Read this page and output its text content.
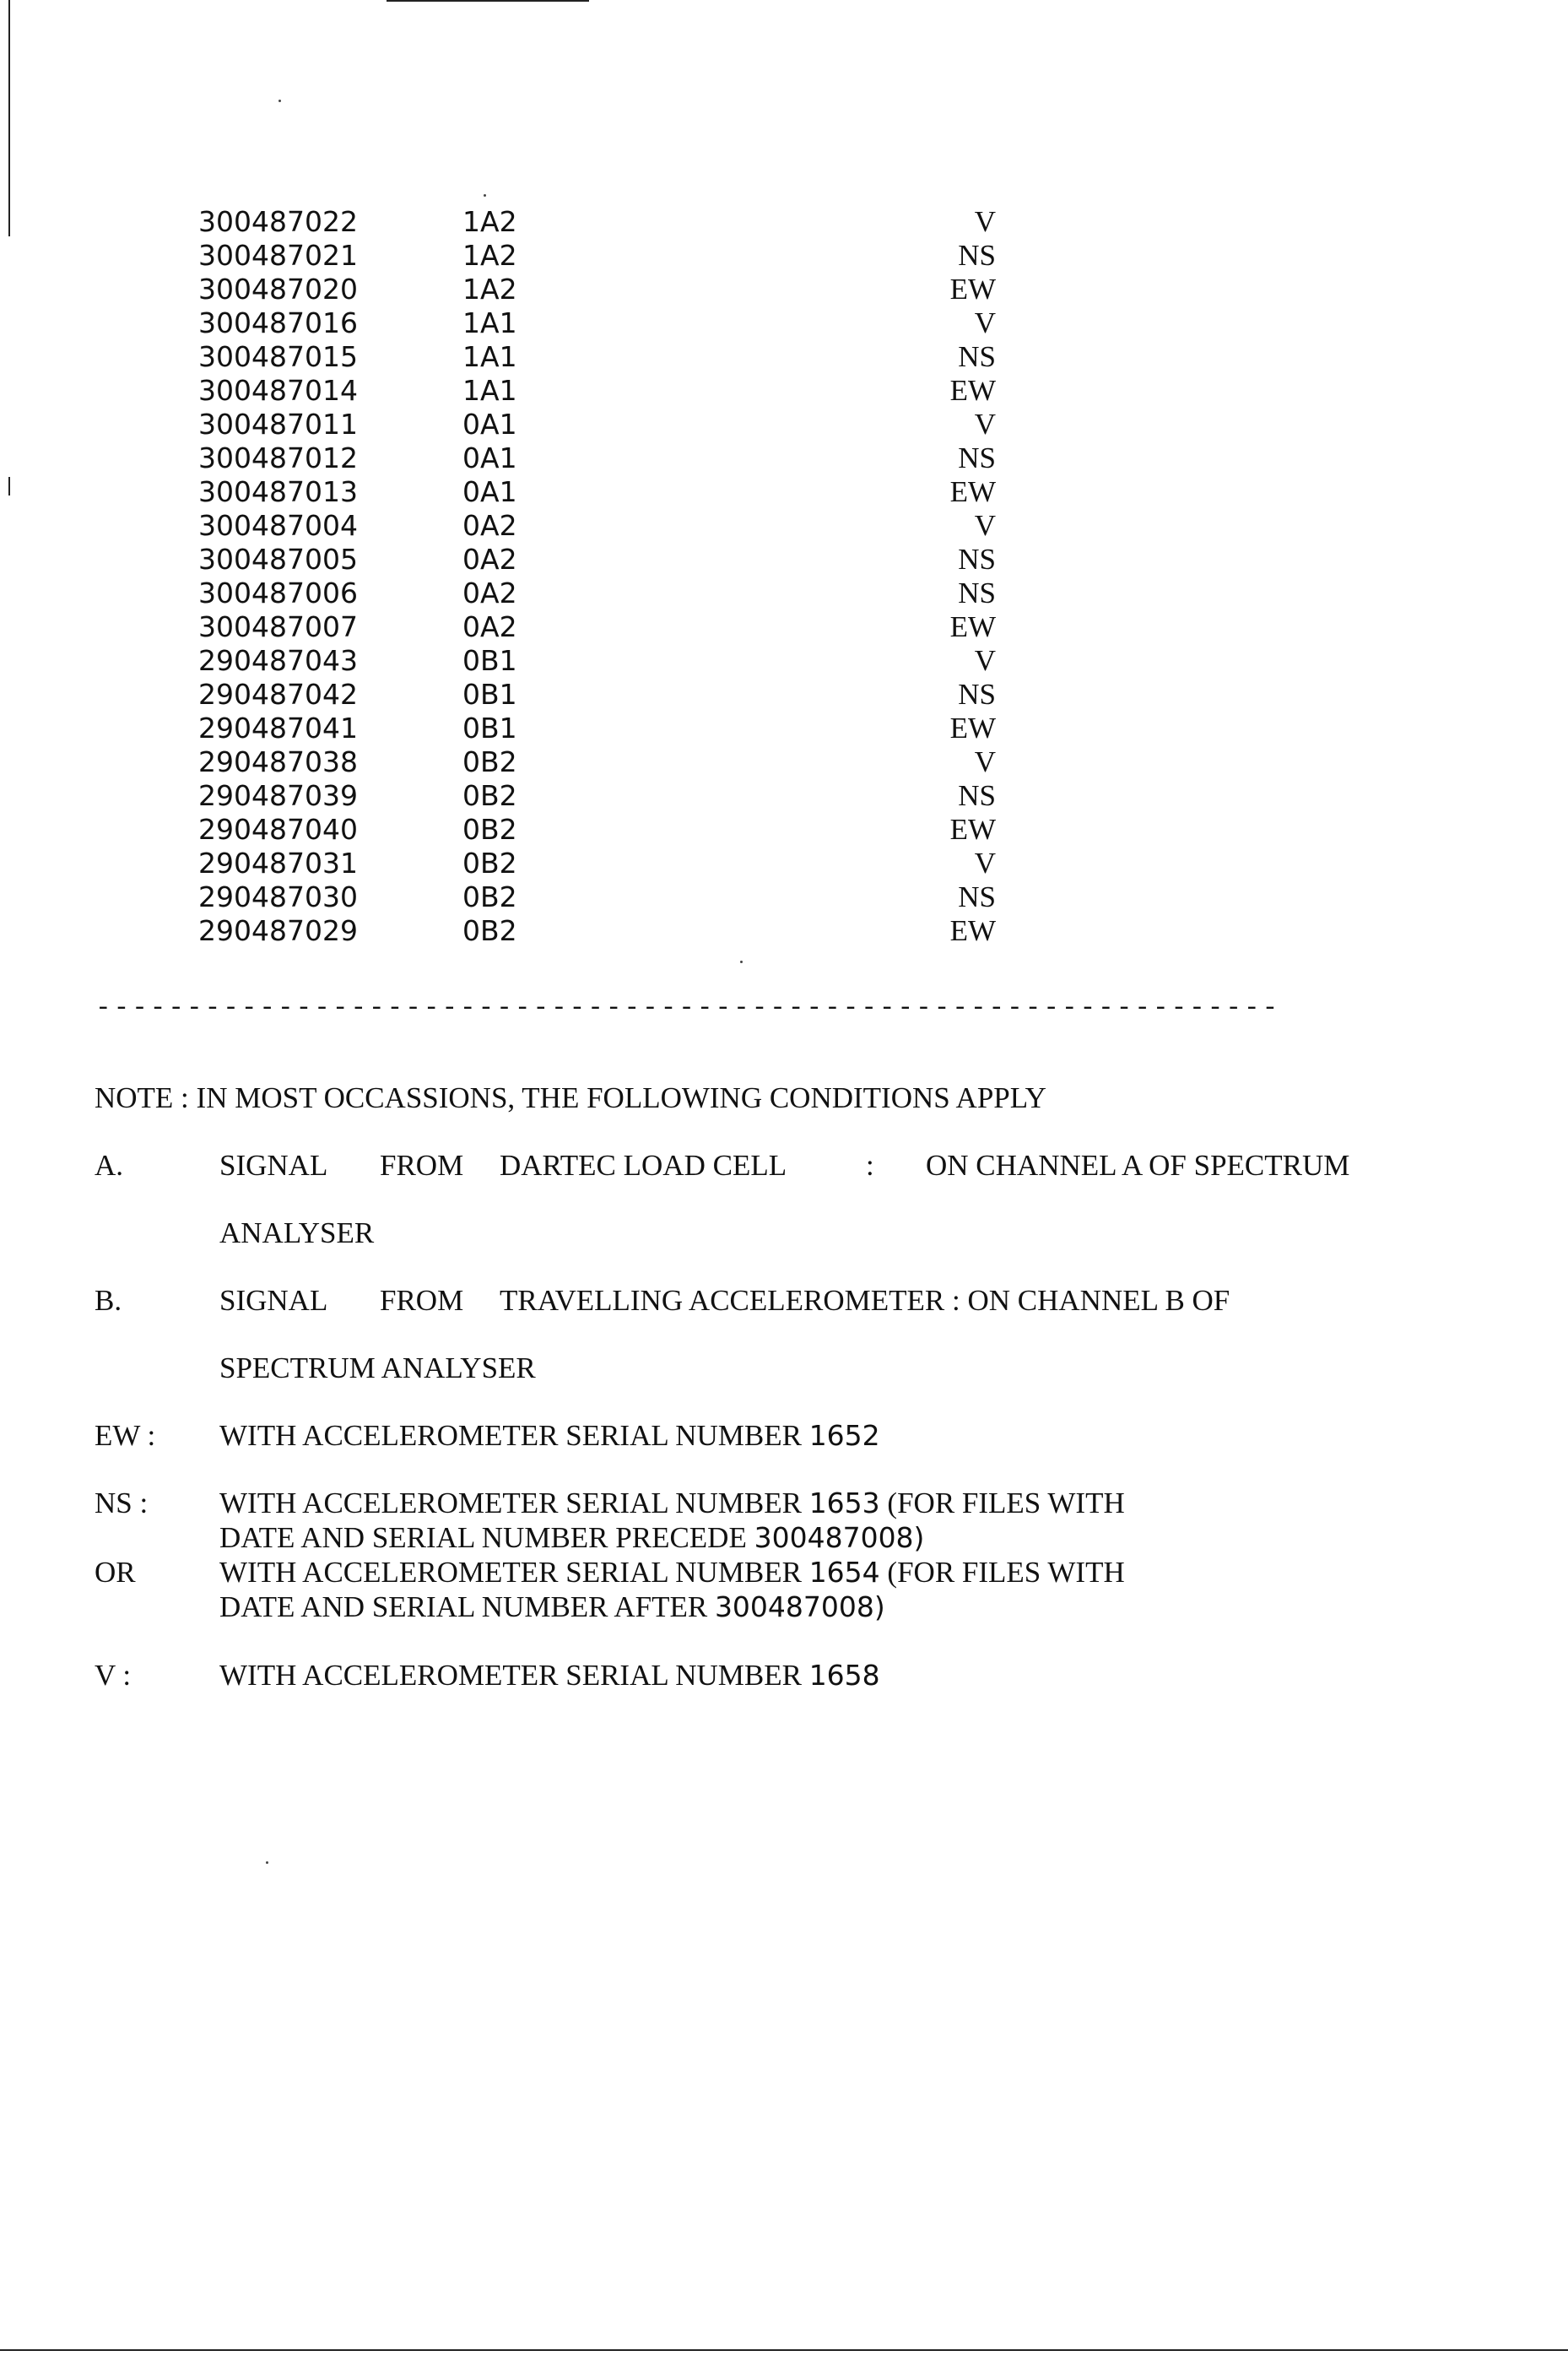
300487022	1A2	V
300487021	1A2	NS
300487020	1A2	EW
300487016	1A1	V
300487015	1A1	NS
300487014	1A1	EW
300487011	0A1	V
300487012	0A1	NS
300487013	0A1	EW
300487004	0A2	V
300487005	0A2	NS
300487006	0A2	NS
300487007	0A2	EW
290487043	0B1	V
290487042	0B1	NS
290487041	0B1	EW
290487038	0B2	V
290487039	0B2	NS
290487040	0B2	EW
290487031	0B2	V
290487030	0B2	NS
290487029	0B2	EW
-----------------------------------------------------------------
NOTE : IN MOST OCCASSIONS, THE FOLLOWING CONDITIONS APPLY
A.	SIGNAL FROM DARTEC LOAD CELL	: ON CHANNEL A OF SPECTRUM
ANALYSER
B.	SIGNAL FROM TRAVELLING ACCELEROMETER : ON CHANNEL B OF
SPECTRUM ANALYSER
EW : WITH ACCELEROMETER SERIAL NUMBER 1652
NS : WITH ACCELEROMETER SERIAL NUMBER 1653 (FOR FILES WITH
DATE AND SERIAL NUMBER PRECEDE 300487008)
OR	WITH ACCELEROMETER SERIAL NUMBER 1654 (FOR FILES WITH
DATE AND SERIAL NUMBER AFTER 300487008)
V :	WITH ACCELEROMETER SERIAL NUMBER 1658
